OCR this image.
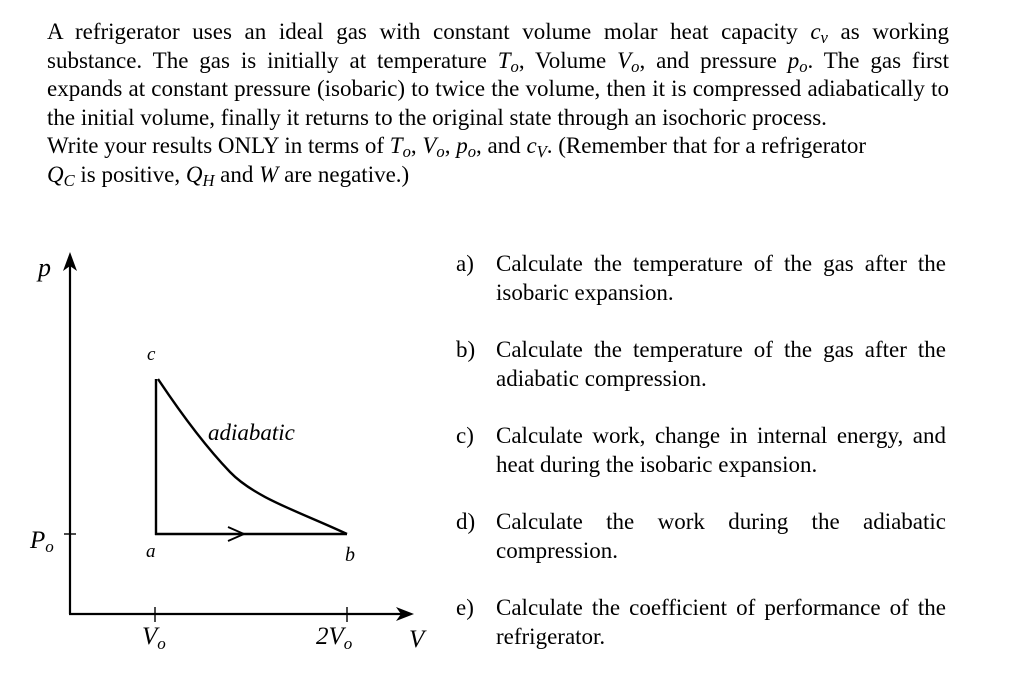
A refrigerator uses an ideal gas with constant volume molar heat capacity $c_v$ as working substance. The gas is initially at temperature $T_o$, Volume $V_o$, and pressure $p_o$. The gas first expands at constant pressure (isobaric) to twice the volume, then it is compressed adiabatically to the initial volume, finally it returns to the original state through an isochoric process.

Write your results ONLY in terms of $T_o$, $V_o$, $p_o$, and $c_V$. (Remember that for a refrigerator
$Q_C$ is positive, $Q_H$ and W are negative.)

p
V
Po
$V_o$	$2V_o$
c
a	b
adiabatic
a) Calculate the temperature of the gas after the isobaric expansion.
b) Calculate the temperature of the gas after the adiabatic compression.
c) Calculate work, change in internal energy, and heat during the isobaric expansion.
d) Calculate the work during the adiabatic compression.
e) Calculate the coefficient of performance of the refrigerator.
